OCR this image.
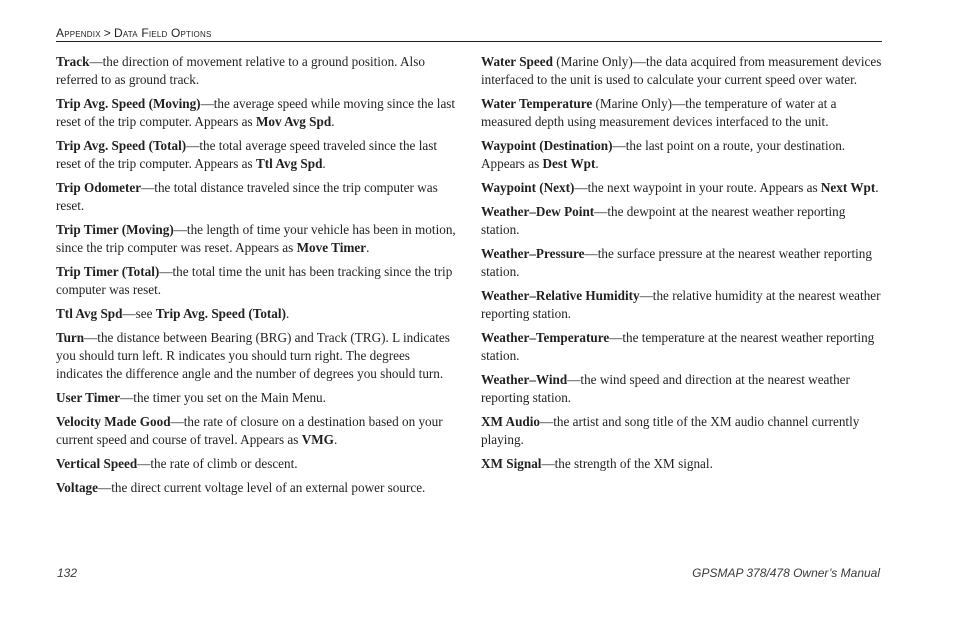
Appendix > Data Field Options

Track—the direction of movement relative to a ground position. Also referred to as ground track.

Trip Avg. Speed (Moving)—the average speed while moving since the last reset of the trip computer. Appears as Mov Avg Spd.

Trip Avg. Speed (Total)—the total average speed traveled since the last reset of the trip computer. Appears as Ttl Avg Spd.

Trip Odometer—the total distance traveled since the trip computer was reset.

Trip Timer (Moving)—the length of time your vehicle has been in motion, since the trip computer was reset. Appears as Move Timer.

Trip Timer (Total)—the total time the unit has been tracking since the trip computer was reset.

Ttl Avg Spd—see Trip Avg. Speed (Total).

Turn—the distance between Bearing (BRG) and Track (TRG). L indicates you should turn left. R indicates you should turn right. The degrees indicates the difference angle and the number of degrees you should turn.

User Timer—the timer you set on the Main Menu.

Velocity Made Good—the rate of closure on a destination based on your current speed and course of travel. Appears as VMG.

Vertical Speed—the rate of climb or descent.

Voltage—the direct current voltage level of an external power source.

Water Speed (Marine Only)—the data acquired from measurement devices interfaced to the unit is used to calculate your current speed over water.

Water Temperature (Marine Only)—the temperature of water at a measured depth using measurement devices interfaced to the unit.

Waypoint (Destination)—the last point on a route, your destination. Appears as Dest Wpt.

Waypoint (Next)—the next waypoint in your route. Appears as Next Wpt.

Weather–Dew Point—the dewpoint at the nearest weather reporting station.

Weather–Pressure—the surface pressure at the nearest weather reporting station.

Weather–Relative Humidity—the relative humidity at the nearest weather reporting station.

Weather–Temperature—the temperature at the nearest weather reporting station.

Weather–Wind—the wind speed and direction at the nearest weather reporting station.

XM Audio—the artist and song title of the XM audio channel currently playing.

XM Signal—the strength of the XM signal.

132	GPSMAP 378/478 Owner’s Manual
